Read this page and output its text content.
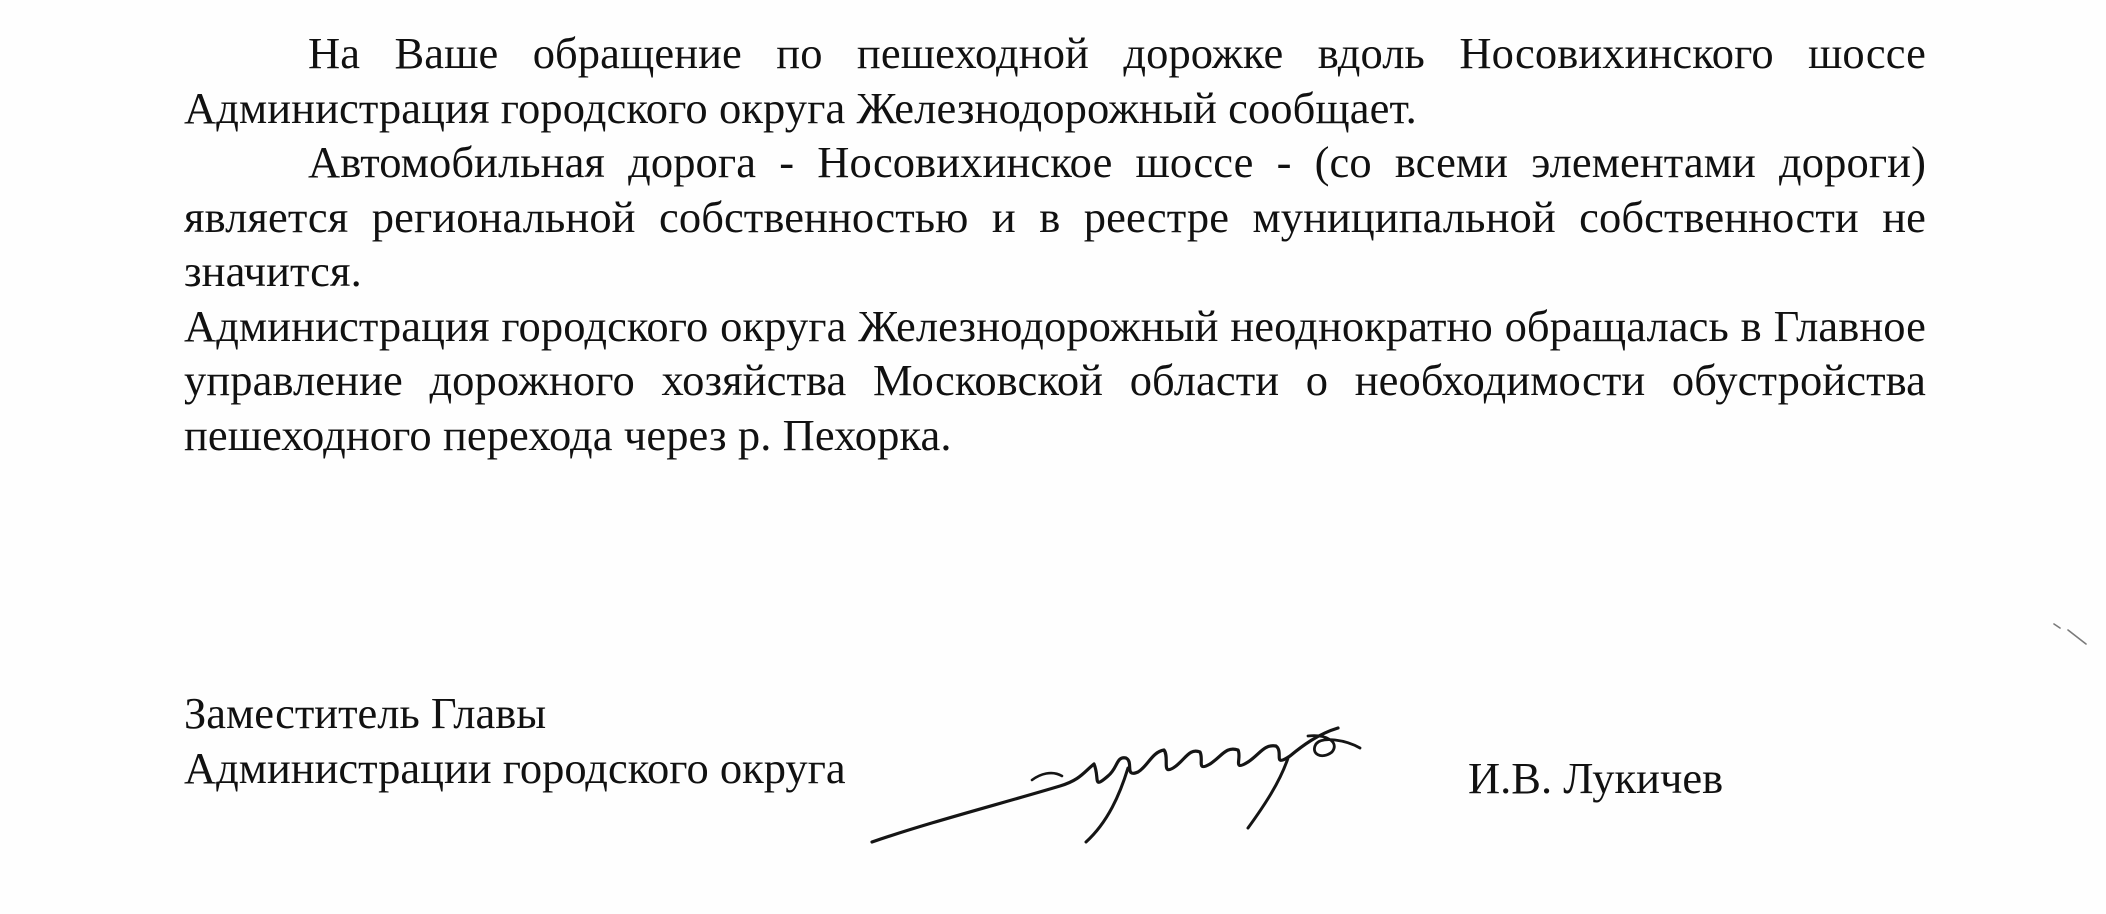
На Ваше обращение по пешеходной дорожке вдоль Носовихинского шоссе Администрация городского округа Железнодорожный сообщает.

Автомобильная дорога - Носовихинское шоссе - (со всеми элементами дороги) является региональной собственностью и в реестре муниципальной собственности не значится.

Администрация городского округа Железнодорожный неоднократно обращалась в Главное управление дорожного хозяйства Московской области о необходимости обустройства пешеходного перехода через р. Пехорка.

Заместитель Главы

Администрации городского округа	И.В. Лукичев
